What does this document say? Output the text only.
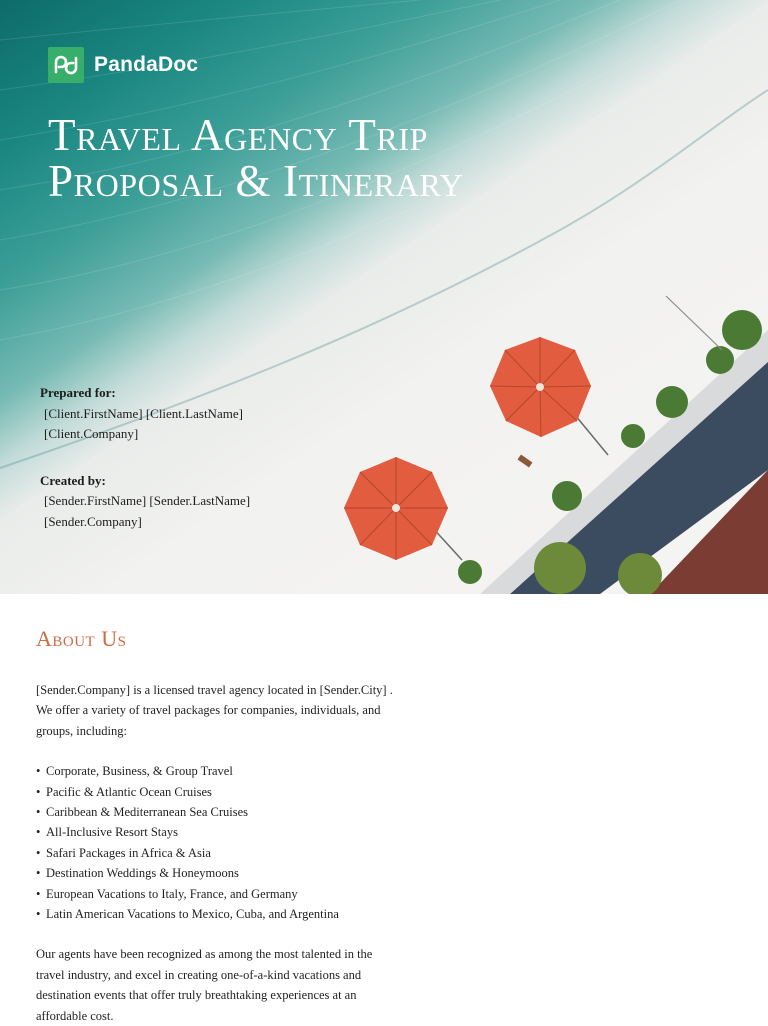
PandaDoc
Travel Agency Trip
Proposal & Itinerary
Prepared for:
[Client.FirstName] [Client.LastName]
[Client.Company]
Created by:
[Sender.FirstName] [Sender.LastName]
[Sender.Company]
About Us

[Sender.Company] is a licensed travel agency located in [Sender.City] . We offer a variety of travel packages for companies, individuals, and groups, including:

• Corporate, Business, & Group Travel
• Pacific & Atlantic Ocean Cruises
• Caribbean & Mediterranean Sea Cruises
• All-Inclusive Resort Stays
• Safari Packages in Africa & Asia
• Destination Weddings & Honeymoons
• European Vacations to Italy, France, and Germany
• Latin American Vacations to Mexico, Cuba, and Argentina

Our agents have been recognized as among the most talented in the travel industry, and excel in creating one-of-a-kind vacations and destination events that offer truly breathtaking experiences at an affordable cost.
